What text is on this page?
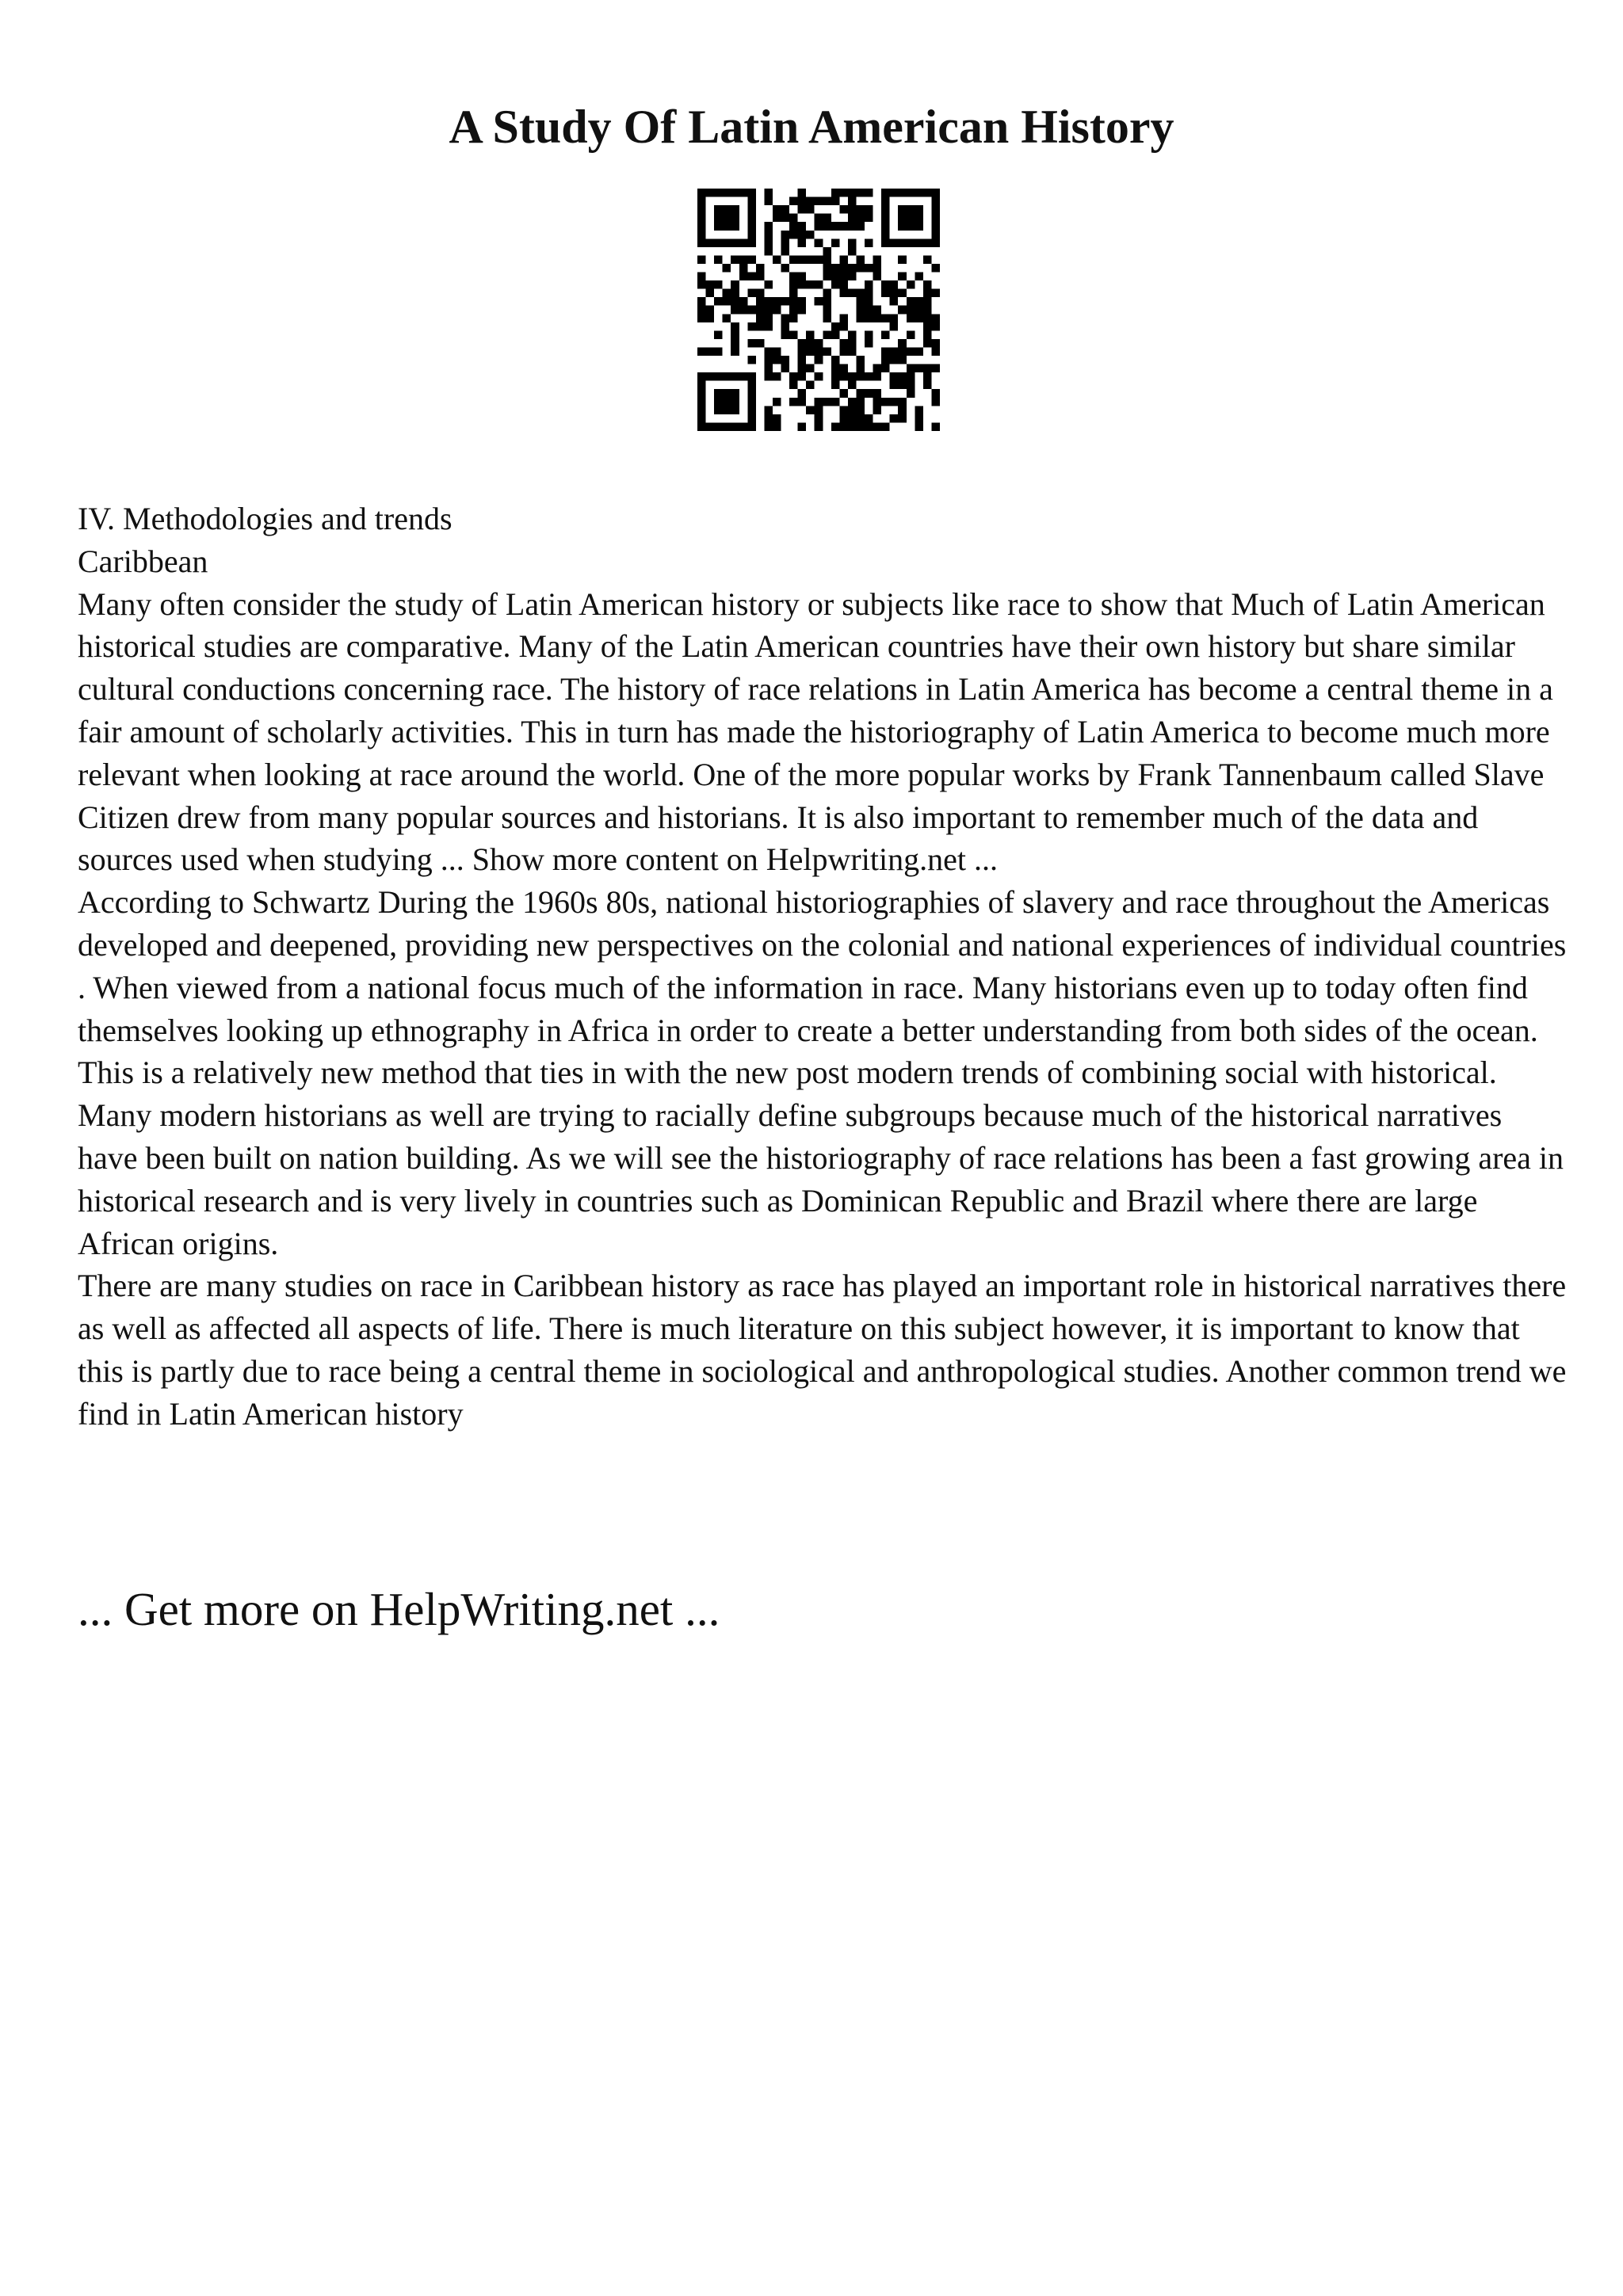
A Study Of Latin American History

IV. Methodologies and trends

Caribbean

Many often consider the study of Latin American history or subjects like race to show that Much of Latin American historical studies are comparative. Many of the Latin American countries have their own history but share similar cultural conductions concerning race. The history of race relations in Latin America has become a central theme in a fair amount of scholarly activities. This in turn has made the historiography of Latin America to become much more relevant when looking at race around the world. One of the more popular works by Frank Tannenbaum called Slave Citizen drew from many popular sources and historians. It is also important to remember much of the data and sources used when studying ... Show more content on Helpwriting.net ...

According to Schwartz During the 1960s 80s, national historiographies of slavery and race throughout the Americas developed and deepened, providing new perspectives on the colonial and national experiences of individual countries . When viewed from a national focus much of the information in race. Many historians even up to today often find themselves looking up ethnography in Africa in order to create a better understanding from both sides of the ocean. This is a relatively new method that ties in with the new post modern trends of combining social with historical. Many modern historians as well are trying to racially define subgroups because much of the historical narratives have been built on nation building. As we will see the historiography of race relations has been a fast growing area in historical research and is very lively in countries such as Dominican Republic and Brazil where there are large African origins.

There are many studies on race in Caribbean history as race has played an important role in historical narratives there as well as affected all aspects of life. There is much literature on this subject however, it is important to know that this is partly due to race being a central theme in sociological and anthropological studies. Another common trend we find in Latin American history

... Get more on HelpWriting.net ...
